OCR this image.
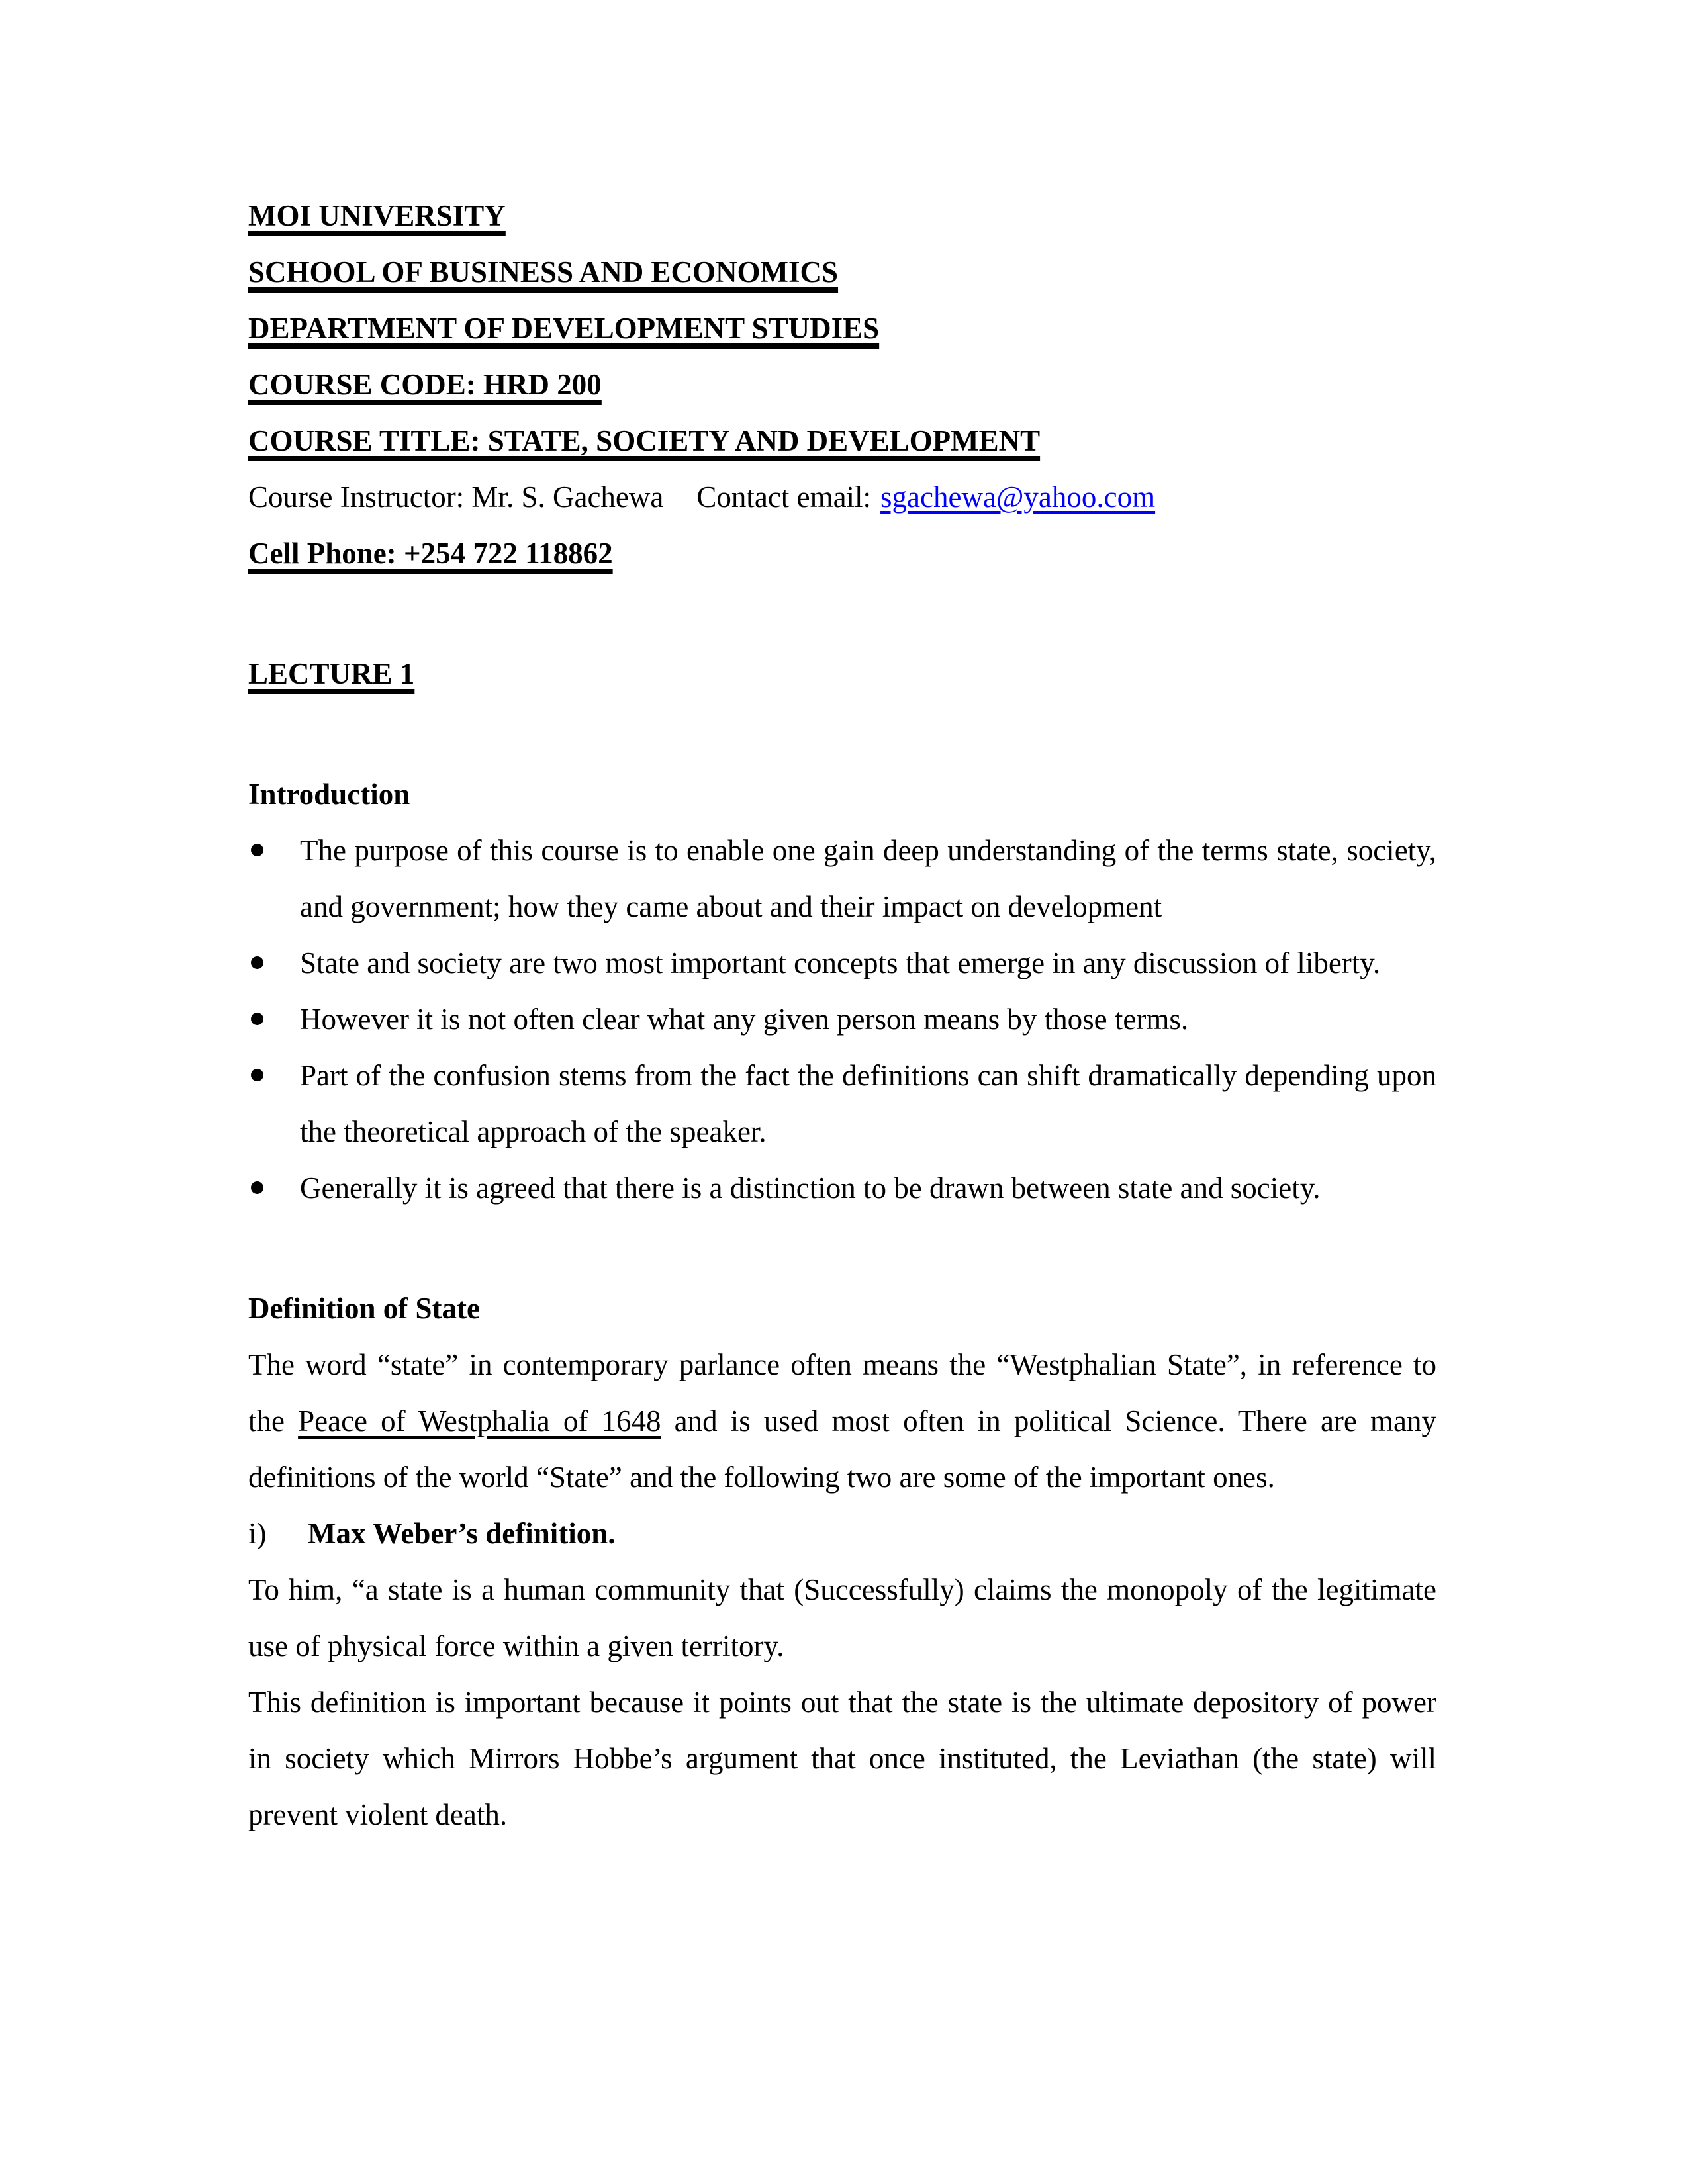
MOI UNIVERSITY
SCHOOL OF BUSINESS AND ECONOMICS
DEPARTMENT OF DEVELOPMENT STUDIES
COURSE CODE: HRD 200
COURSE TITLE: STATE, SOCIETY AND DEVELOPMENT
Course Instructor: Mr. S. Gachewa Contact email: sgachewa@yahoo.com
Cell Phone: +254 722 118862
LECTURE 1
Introduction
The purpose of this course is to enable one gain deep understanding of the terms state, society, and government; how they came about and their impact on development
State and society are two most important concepts that emerge in any discussion of liberty.
However it is not often clear what any given person means by those terms.
Part of the confusion stems from the fact the definitions can shift dramatically depending upon the theoretical approach of the speaker.
Generally it is agreed that there is a distinction to be drawn between state and society.
Definition of State
The word “state” in contemporary parlance often means the “Westphalian State”, in reference to the Peace of Westphalia of 1648 and is used most often in political Science. There are many definitions of the world “State” and the following two are some of the important ones.
i) Max Weber’s definition.
To him, “a state is a human community that (Successfully) claims the monopoly of the legitimate use of physical force within a given territory.
This definition is important because it points out that the state is the ultimate depository of power in society which Mirrors Hobbe’s argument that once instituted, the Leviathan (the state) will prevent violent death.
